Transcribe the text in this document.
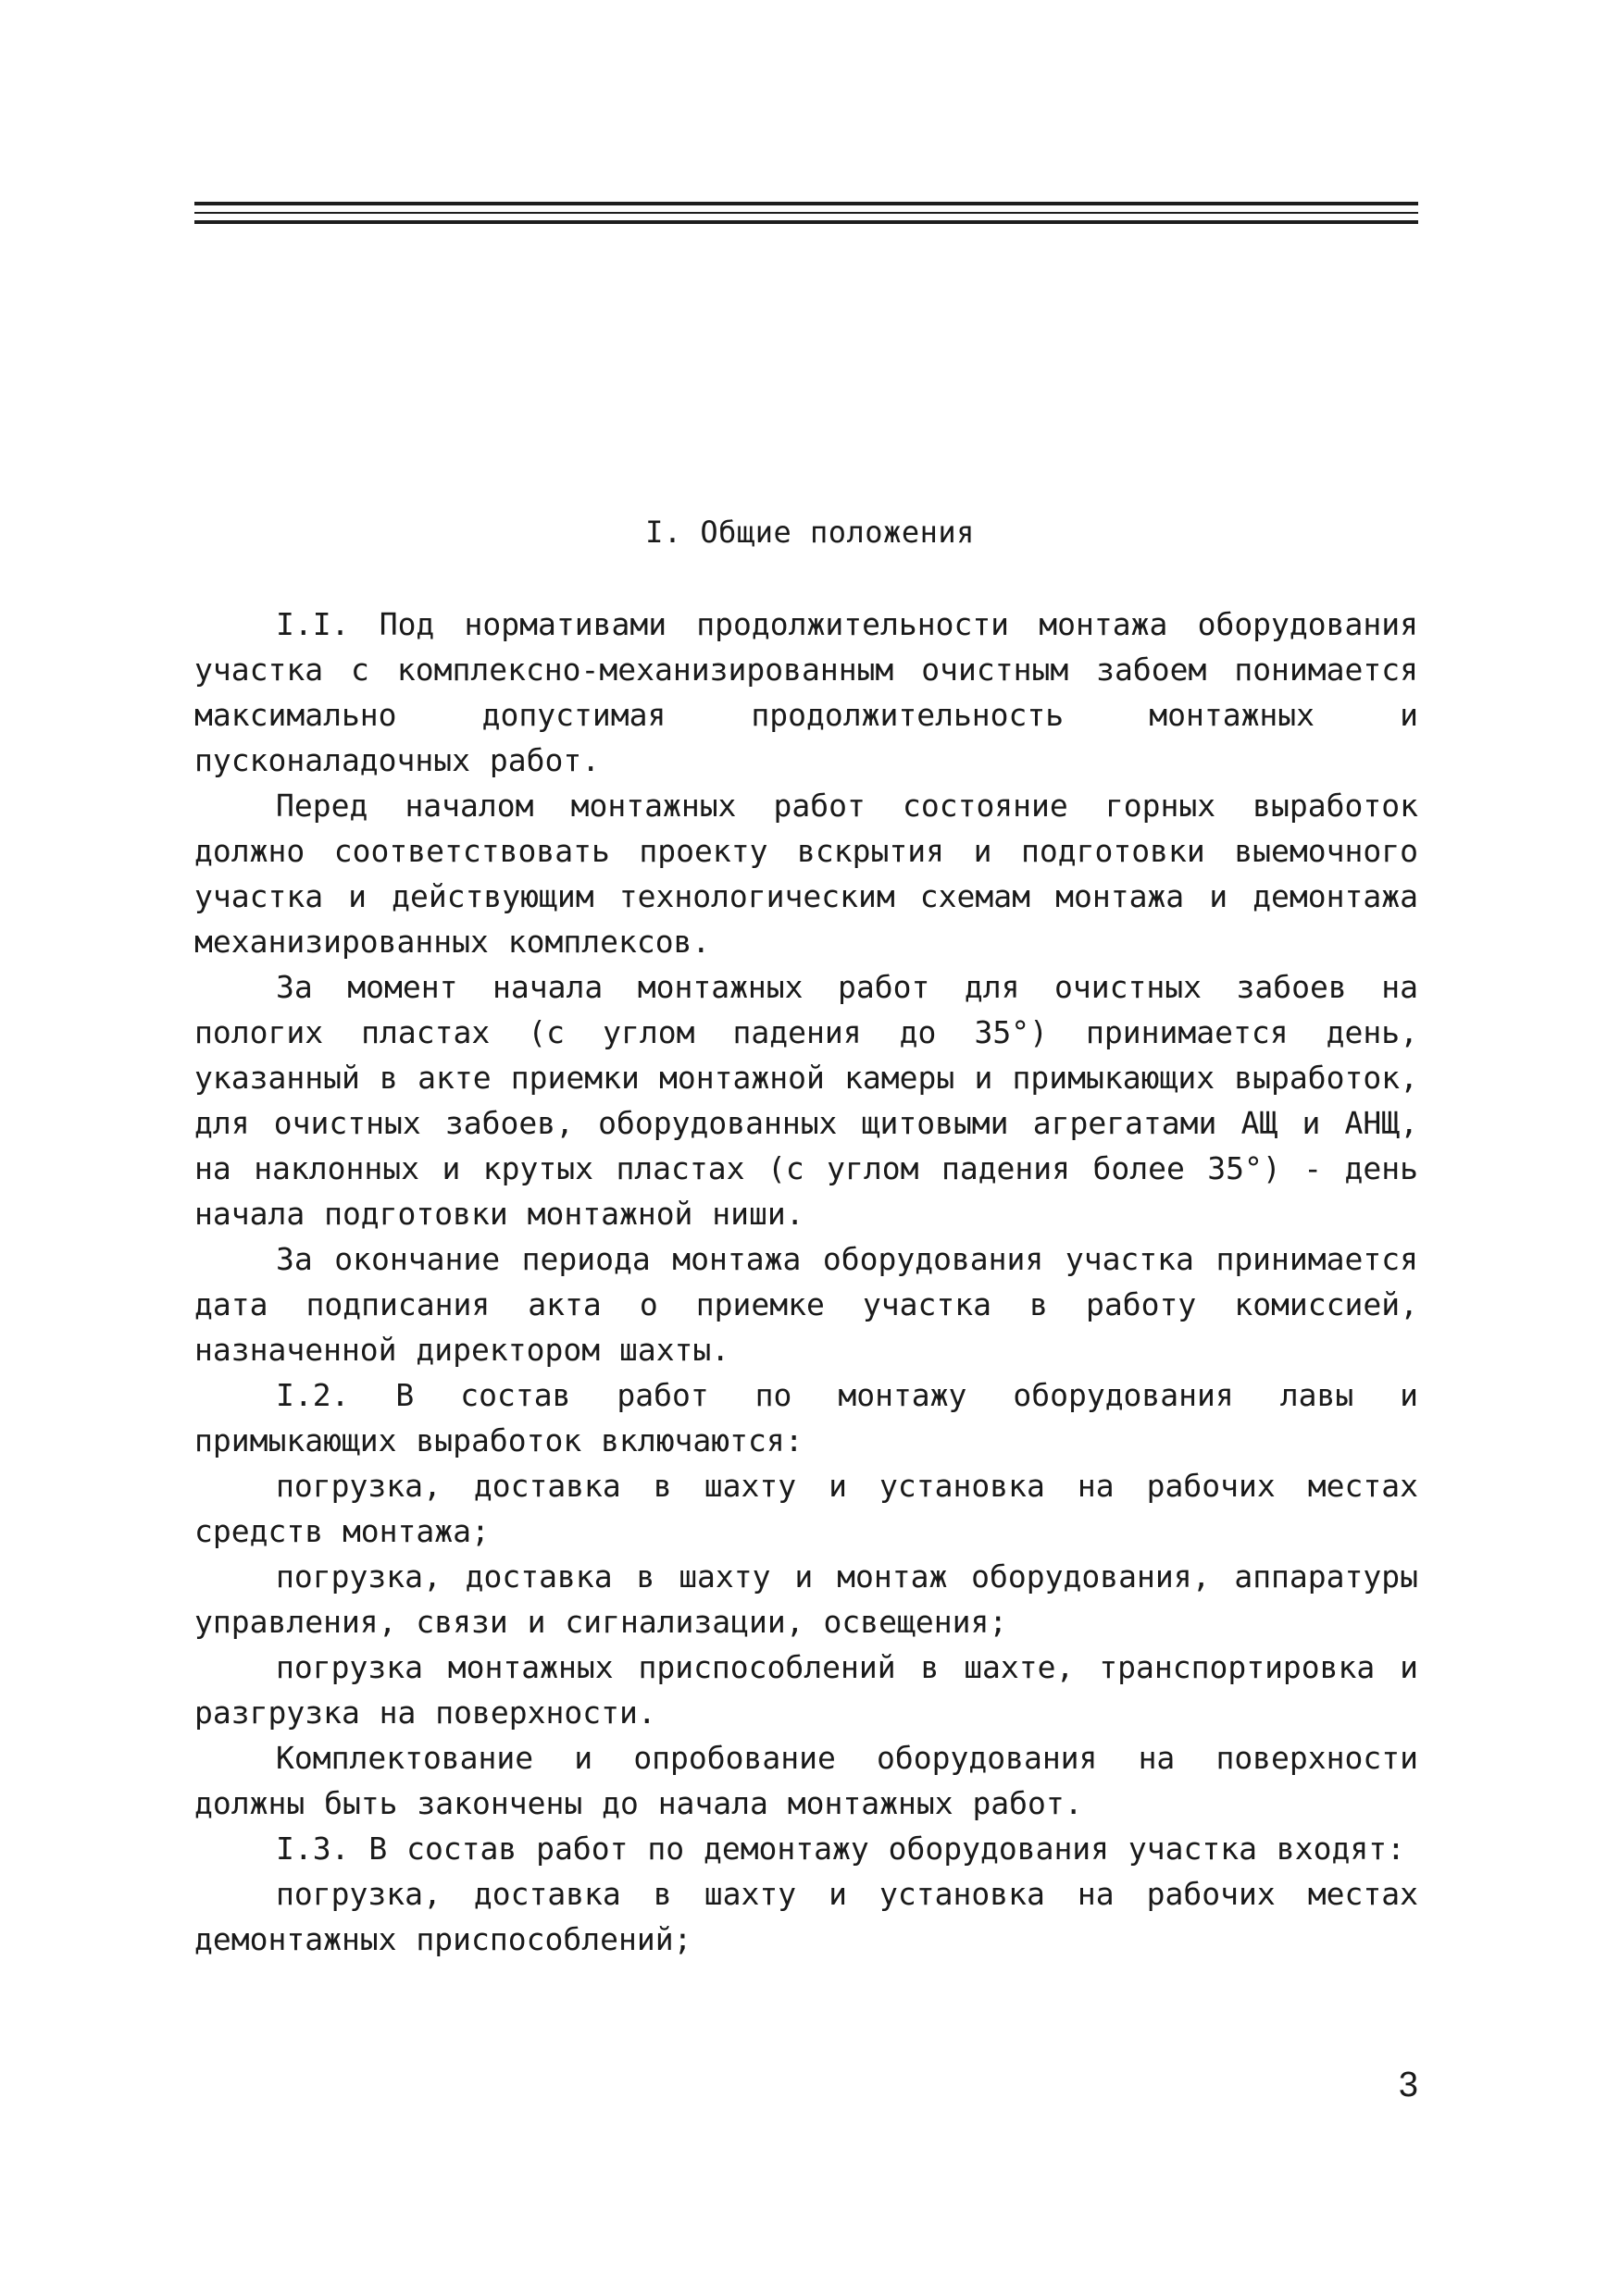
I. Общие положения

I.I. Под нормативами продолжительности монтажа оборудования участка с комплексно-механизированным очистным забоем понимается максимально допустимая продолжительность монтажных и пусконаладочных работ.

Перед началом монтажных работ состояние горных выработок должно соответствовать проекту вскрытия и подготовки выемочного участка и действующим технологическим схемам монтажа и демонтажа механизированных комплексов.

За момент начала монтажных работ для очистных забоев на пологих пластах (с углом падения до 35°) принимается день, указанный в акте приемки монтажной камеры и примыкающих выработок, для очистных забоев, оборудованных щитовыми агрегатами АЩ и АНЩ, на наклонных и крутых пластах (с углом падения более 35°) - день начала подготовки монтажной ниши.

За окончание периода монтажа оборудования участка принимается дата подписания акта о приемке участка в работу комиссией, назначенной директором шахты.

I.2. В состав работ по монтажу оборудования лавы и примыкающих выработок включаются:

погрузка, доставка в шахту и установка на рабочих местах средств монтажа;

погрузка, доставка в шахту и монтаж оборудования, аппаратуры управления, связи и сигнализации, освещения;

погрузка монтажных приспособлений в шахте, транспортировка и разгрузка на поверхности.

Комплектование и опробование оборудования на поверхности должны быть закончены до начала монтажных работ.

I.3. В состав работ по демонтажу оборудования участка входят:

погрузка, доставка в шахту и установка на рабочих местах демонтажных приспособлений;

3
